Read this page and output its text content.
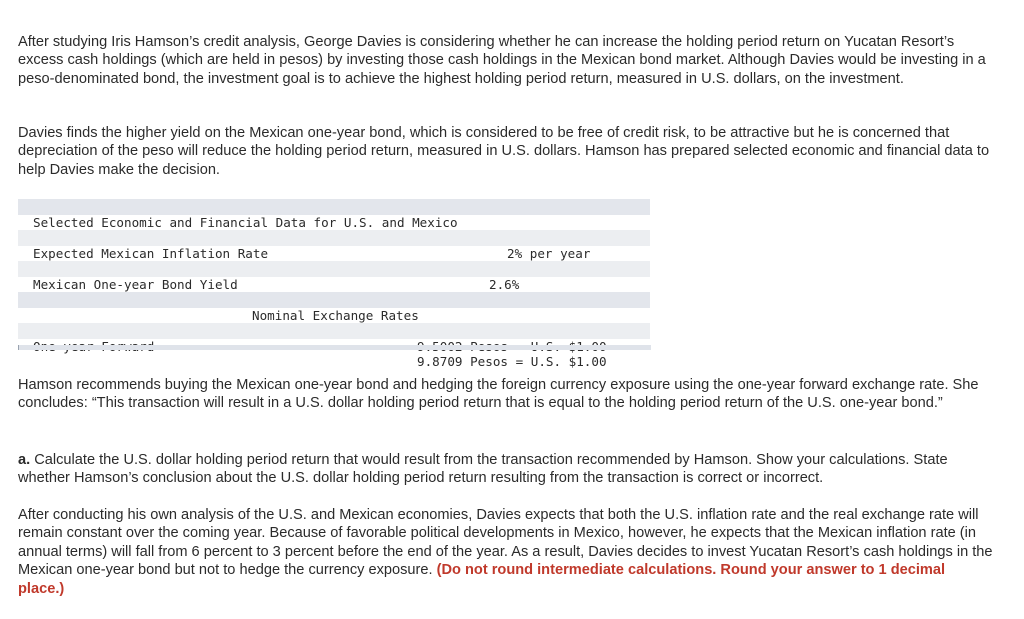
After studying Iris Hamson’s credit analysis, George Davies is considering whether he can increase the holding period return on Yucatan Resort’s excess cash holdings (which are held in pesos) by investing those cash holdings in the Mexican bond market. Although Davies would be investing in a peso-denominated bond, the investment goal is to achieve the highest holding period return, measured in U.S. dollars, on the investment.

Davies finds the higher yield on the Mexican one-year bond, which is considered to be free of credit risk, to be attractive but he is concerned that depreciation of the peso will reduce the holding period return, measured in U.S. dollars. Hamson has prepared selected economic and financial data to help Davies make the decision.

Selected Economic and Financial Data for U.S. and Mexico

2% per year

Expected Mexican Inflation Rate

2.6%

Mexican One-year Bond Yield

Nominal Exchange Rates

9.8709 Pesos = U.S. $1.00

Hamson recommends buying the Mexican one-year bond and hedging the foreign currency exposure using the one-year forward exchange rate. She concludes: “This transaction will result in a U.S. dollar holding period return that is equal to the holding period return of the U.S. one-year bond.”

a. Calculate the U.S. dollar holding period return that would result from the transaction recommended by Hamson. Show your calculations. State whether Hamson’s conclusion about the U.S. dollar holding period return resulting from the transaction is correct or incorrect.

After conducting his own analysis of the U.S. and Mexican economies, Davies expects that both the U.S. inflation rate and the real exchange rate will remain constant over the coming year. Because of favorable political developments in Mexico, however, he expects that the Mexican inflation rate (in annual terms) will fall from 6 percent to 3 percent before the end of the year. As a result, Davies decides to invest Yucatan Resort’s cash holdings in the Mexican one-year bond but not to hedge the currency exposure. (Do not round intermediate calculations. Round your answer to 1 decimal place.)
